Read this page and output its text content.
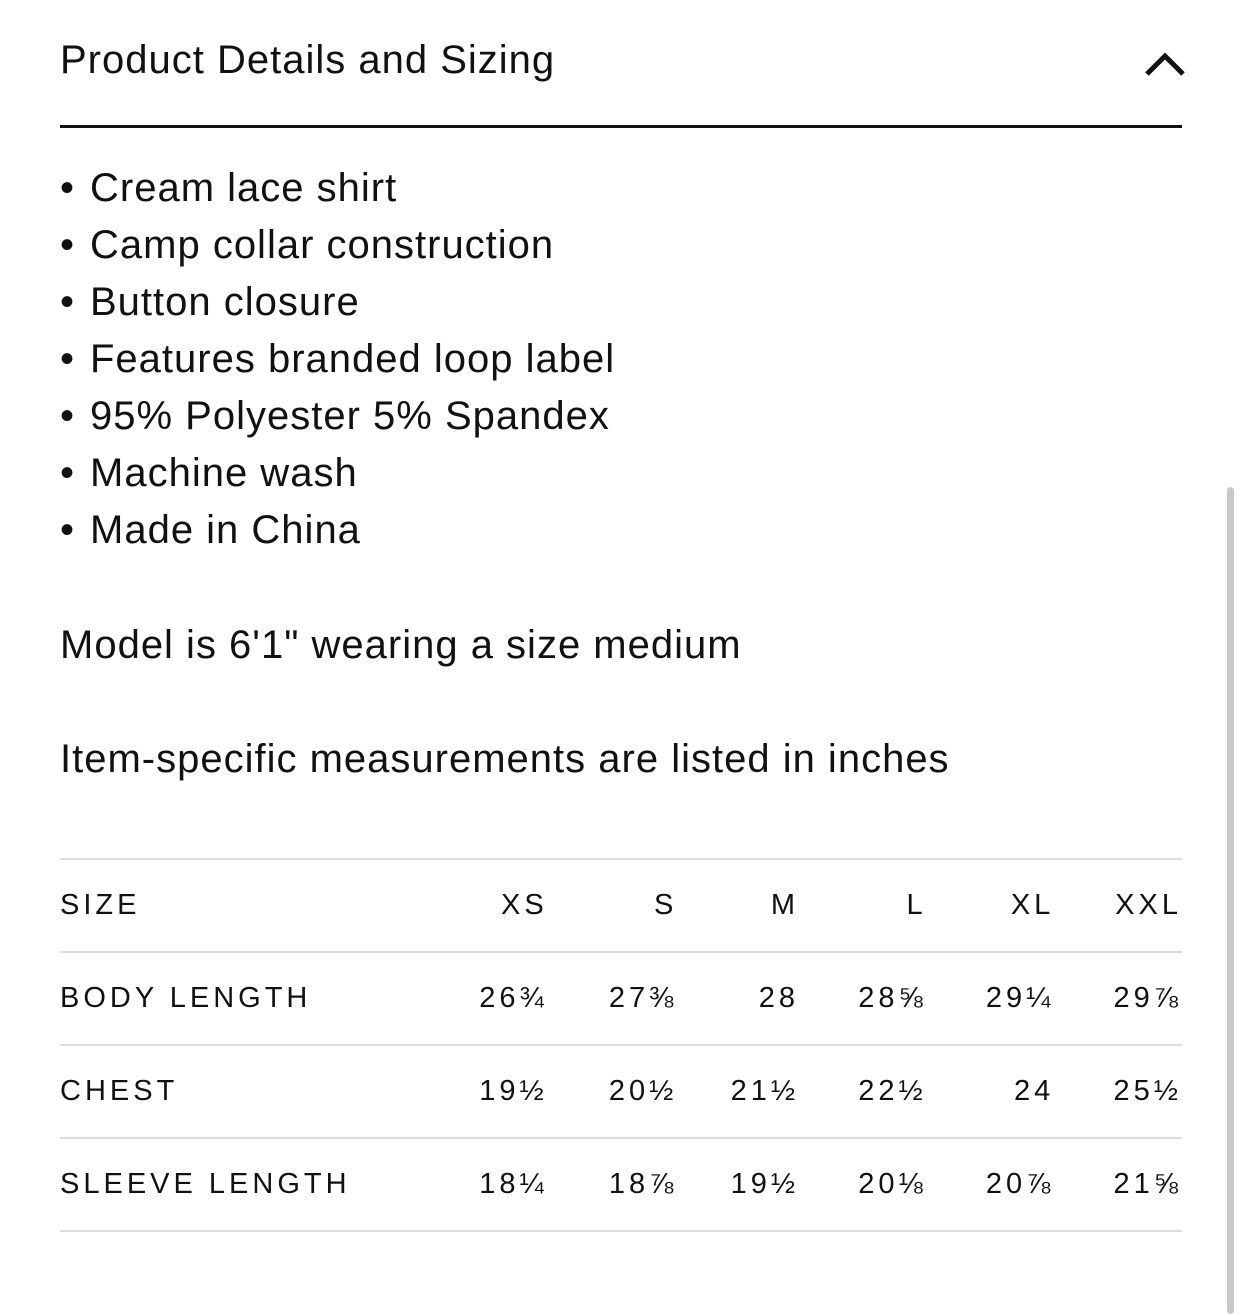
Product Details and Sizing
• Cream lace shirt
• Camp collar construction
• Button closure
• Features branded loop label
• 95% Polyester 5% Spandex
• Machine wash
• Made in China

Model is 6'1" wearing a size medium

Item-specific measurements are listed in inches

SIZE	XS	S	M	L	XL	XXL
BODY LENGTH	26¾	27⅜	28	28⅝	29¼	29⅞
CHEST	19½	20½	21½	22½	24	25½
SLEEVE LENGTH	18¼	18⅞	19½	20⅛	20⅞	21⅝
